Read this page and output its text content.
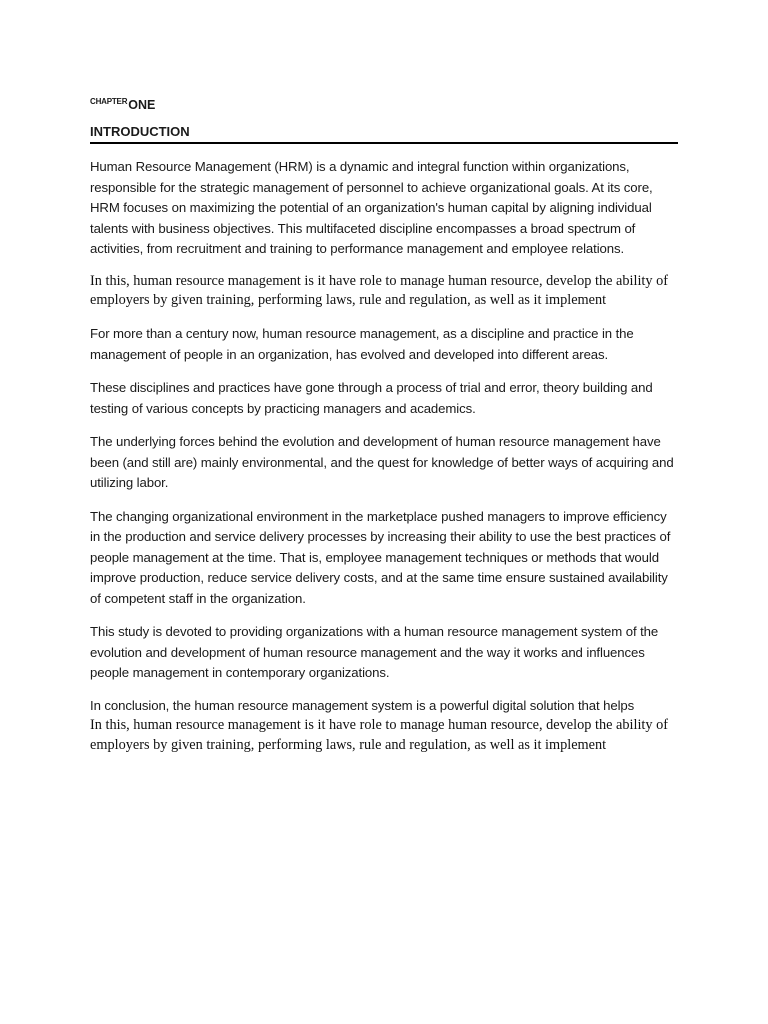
$^{CHAPTER}$ONE
INTRODUCTION

Human Resource Management (HRM) is a dynamic and integral function within organizations, responsible for the strategic management of personnel to achieve organizational goals. At its core, HRM focuses on maximizing the potential of an organization's human capital by aligning individual talents with business objectives. This multifaceted discipline encompasses a broad spectrum of activities, from recruitment and training to performance management and employee relations.

In this, human resource management is it have role to manage human resource, develop the ability of employers by given training, performing laws, rule and regulation, as well as it implement

For more than a century now, human resource management, as a discipline and practice in the management of people in an organization, has evolved and developed into different areas.

These disciplines and practices have gone through a process of trial and error, theory building and testing of various concepts by practicing managers and academics.

The underlying forces behind the evolution and development of human resource management have been (and still are) mainly environmental, and the quest for knowledge of better ways of acquiring and utilizing labor.

The changing organizational environment in the marketplace pushed managers to improve efficiency in the production and service delivery processes by increasing their ability to use the best practices of people management at the time. That is, employee management techniques or methods that would improve production, reduce service delivery costs, and at the same time ensure sustained availability of competent staff in the organization.

This study is devoted to providing organizations with a human resource management system of the evolution and development of human resource management and the way it works and influences people management in contemporary organizations.

In conclusion, the human resource management system is a powerful digital solution that helps

In this, human resource management is it have role to manage human resource, develop the ability of employers by given training, performing laws, rule and regulation, as well as it implement
